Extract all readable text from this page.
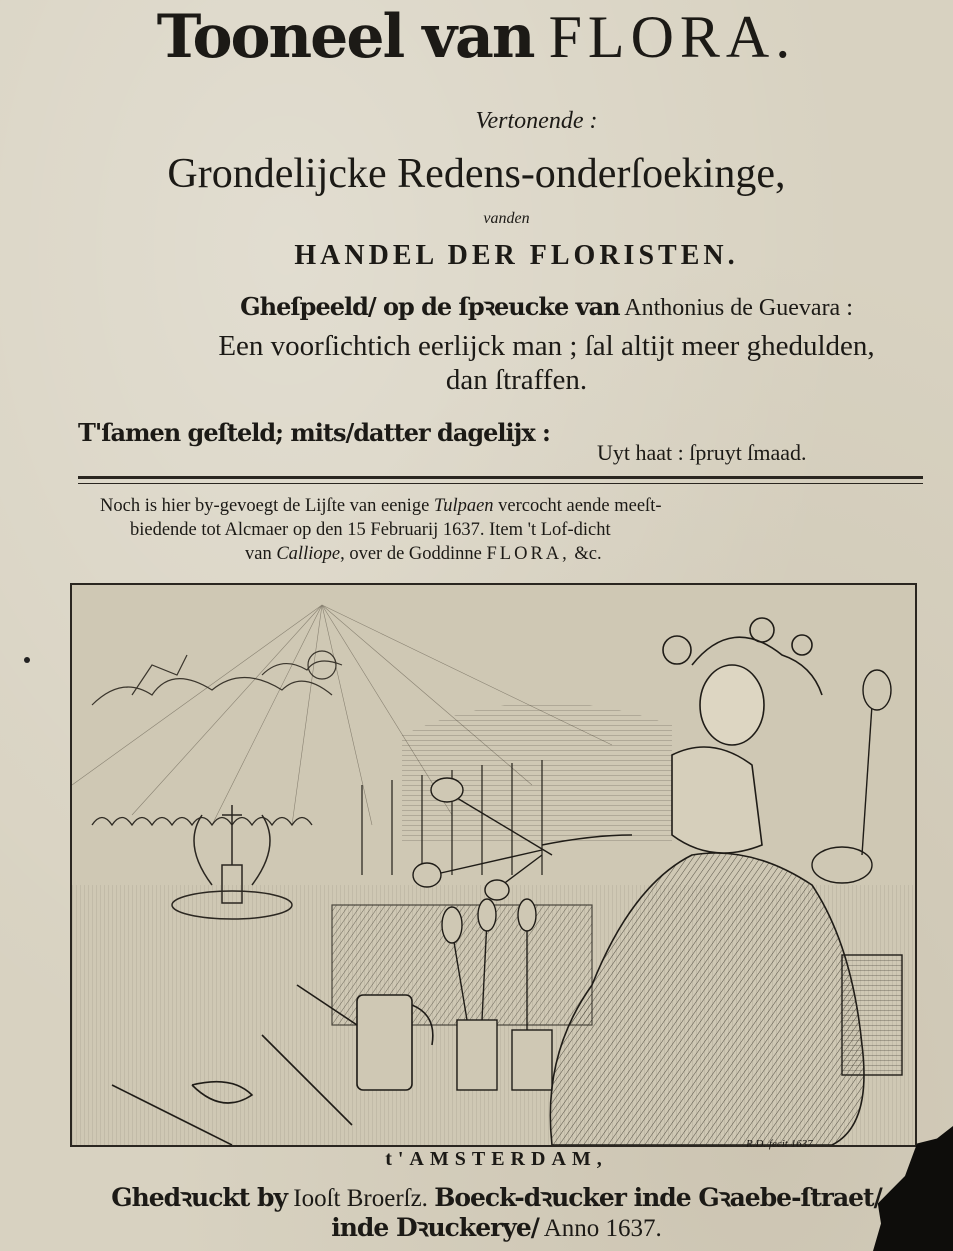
Tooneel van FLORA.
Vertonende :
Grondelijcke Redens-onderſoekinge,
vanden
HANDEL DER FLORISTEN.
Gheſpeeld/ op de ſpꝛeucke van Anthonius de Guevara :
Een voorſichtich eerlijck man ; ſal altijt meer ghedulden,
dan ſtraffen.
T'ſamen geſteld; mits/datter dagelijx :
Uyt haat : ſpruyt ſmaad.
Noch is hier by-gevoegt de Lijſte van eenige Tulpaen vercocht aende meeſt-
biedende tot Alcmaer op den 15 Februarij 1637. Item 't Lof-dicht
van Calliope, over de Goddinne FLORA, &c.
R.D. fecit 1637
t'AMSTERDAM,
Ghedꝛuckt by Iooſt Broerſz. Boeck-dꝛucker inde Gꝛaebe-ſtraet/
inde Dꝛuckerye/ Anno 1637.
